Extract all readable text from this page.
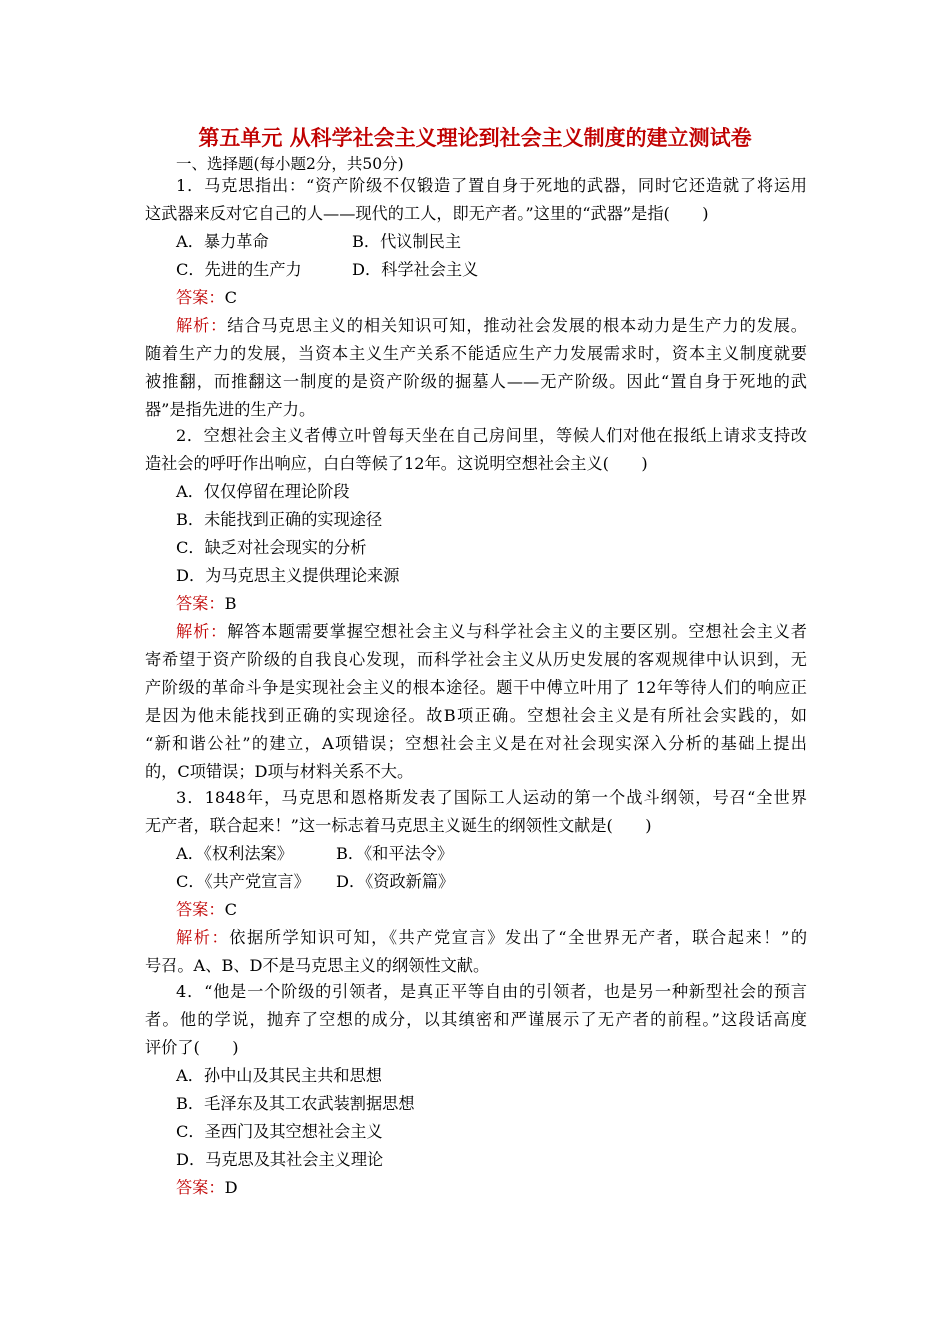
第五单元 从科学社会主义理论到社会主义制度的建立测试卷
一、选择题(每小题2分，共50分)
1．马克思指出：“资产阶级不仅锻造了置自身于死地的武器，同时它还造就了将运用
这武器来反对它自己的人——现代的工人，即无产者。”这里的“武器”是指(　　)
A．暴力革命	B．代议制民主
C．先进的生产力	D．科学社会主义
答案：C
解析：结合马克思主义的相关知识可知，推动社会发展的根本动力是生产力的发展。
随着生产力的发展，当资本主义生产关系不能适应生产力发展需求时，资本主义制度就要
被推翻，而推翻这一制度的是资产阶级的掘墓人——无产阶级。因此“置自身于死地的武
器”是指先进的生产力。
2．空想社会主义者傅立叶曾每天坐在自己房间里，等候人们对他在报纸上请求支持改
造社会的呼吁作出响应，白白等候了12年。这说明空想社会主义(　　)
A．仅仅停留在理论阶段
B．未能找到正确的实现途径
C．缺乏对社会现实的分析
D．为马克思主义提供理论来源
答案：B
解析：解答本题需要掌握空想社会主义与科学社会主义的主要区别。空想社会主义者
寄希望于资产阶级的自我良心发现，而科学社会主义从历史发展的客观规律中认识到，无
产阶级的革命斗争是实现社会主义的根本途径。题干中傅立叶用了 12年等待人们的响应正
是因为他未能找到正确的实现途径。故B项正确。空想社会主义是有所社会实践的，如
“新和谐公社”的建立，A项错误；空想社会主义是在对社会现实深入分析的基础上提出
的，C项错误；D项与材料关系不大。
3．1848年，马克思和恩格斯发表了国际工人运动的第一个战斗纲领，号召“全世界
无产者，联合起来！”这一标志着马克思主义诞生的纲领性文献是(　　)
A．《权利法案》	B．《和平法令》
C．《共产党宣言》 D．《资政新篇》
答案：C
解析：依据所学知识可知，《共产党宣言》发出了“全世界无产者，联合起来！”的
号召。A、B、D不是马克思主义的纲领性文献。
4．“他是一个阶级的引领者，是真正平等自由的引领者，也是另一种新型社会的预言
者。他的学说，抛弃了空想的成分，以其缜密和严谨展示了无产者的前程。”这段话高度
评价了(　　)
A．孙中山及其民主共和思想
B．毛泽东及其工农武装割据思想
C．圣西门及其空想社会主义
D．马克思及其社会主义理论
答案：D
